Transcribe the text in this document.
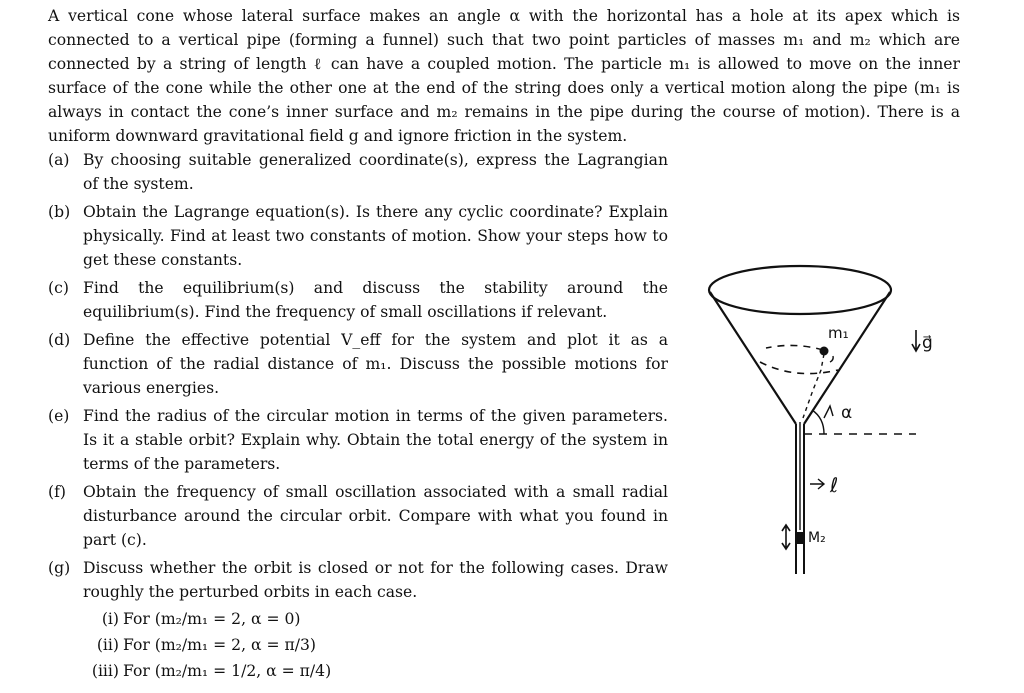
A vertical cone whose lateral surface makes an angle α with the horizontal has a hole at its apex which is connected to a vertical pipe (forming a funnel) such that two point particles of masses m₁ and m₂ which are connected by a string of length ℓ can have a coupled motion. The particle m₁ is allowed to move on the inner surface of the cone while the other one at the end of the string does only a vertical motion along the pipe (m₁ is always in contact the cone’s inner surface and m₂ remains in the pipe during the course of motion). There is a uniform downward gravitational field g and ignore friction in the system.

(a) By choosing suitable generalized coordinate(s), express the Lagrangian of the system.
(b) Obtain the Lagrange equation(s). Is there any cyclic coordinate? Explain physically. Find at least two constants of motion. Show your steps how to get these constants.
(c) Find the equilibrium(s) and discuss the stability around the equilibrium(s). Find the frequency of small oscillations if relevant.
(d) Define the effective potential V_eff for the system and plot it as a function of the radial distance of m₁. Discuss the possible motions for various energies.
(e) Find the radius of the circular motion in terms of the given parameters. Is it a stable orbit? Explain why. Obtain the total energy of the system in terms of the parameters.
(f) Obtain the frequency of small oscillation associated with a small radial disturbance around the circular orbit. Compare with what you found in part (c).
(g) Discuss whether the orbit is closed or not for the following cases. Draw roughly the perturbed orbits in each case.
(i) For (m₂/m₁ = 2, α = 0)
(ii) For (m₂/m₁ = 2, α = π/3)
(iii) For (m₂/m₁ = 1/2, α = π/4)
m₁
α
ℓ
M₂
g⃗
